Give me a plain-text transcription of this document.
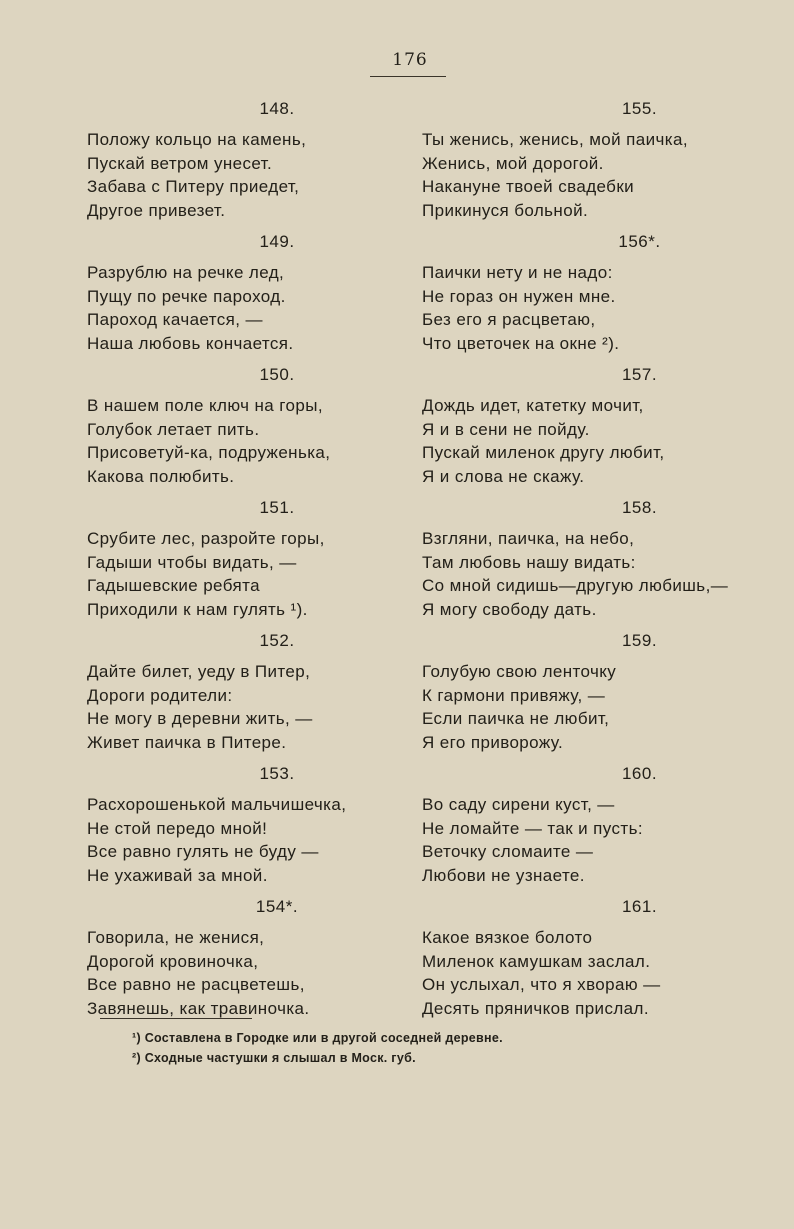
176
148.
Положу кольцо на камень,
Пускай ветром унесет.
Забава с Питеру приедет,
Другое привезет.
149.
Разрублю на речке лед,
Пущу по речке пароход.
Пароход качается, —
Наша любовь кончается.
150.
В нашем поле ключ на горы,
Голубок летает пить.
Присоветуй-ка, подруженька,
Какова полюбить.
151.
Срубите лес, разройте горы,
Гадыши чтобы видать, —
Гадышевские ребята
Приходили к нам гулять ¹).
152.
Дайте билет, уеду в Питер,
Дороги родители:
Не могу в деревни жить, —
Живет паичка в Питере.
153.
Расхорошенькой мальчишечка,
Не стой передо мной!
Все равно гулять не буду —
Не ухаживай за мной.
154*.
Говорила, не женися,
Дорогой кровиночка,
Все равно не расцветешь,
Завянешь, как травиночка.
155.
Ты женись, женись, мой паичка,
Женись, мой дорогой.
Накануне твоей свадебки
Прикинуся больной.
156*.
Паички нету и не надо:
Не гораз он нужен мне.
Без его я расцветаю,
Что цветочек на окне ²).
157.
Дождь идет, катетку мочит,
Я и в сени не пойду.
Пускай миленок другу любит,
Я и слова не скажу.
158.
Взгляни, паичка, на небо,
Там любовь нашу видать:
Со мной сидишь—другую любишь,—
Я могу свободу дать.
159.
Голубую свою ленточку
К гармони привяжу, —
Если паичка не любит,
Я его приворожу.
160.
Во саду сирени куст, —
Не ломайте — так и пусть:
Веточку сломаите —
Любови не узнаете.
161.
Какое вязкое болото
Миленок камушкам заслал.
Он услыхал, что я хвораю —
Десять пряничков прислал.
¹) Составлена в Городке или в другой соседней деревне.
²) Сходные частушки я слышал в Моск. губ.
